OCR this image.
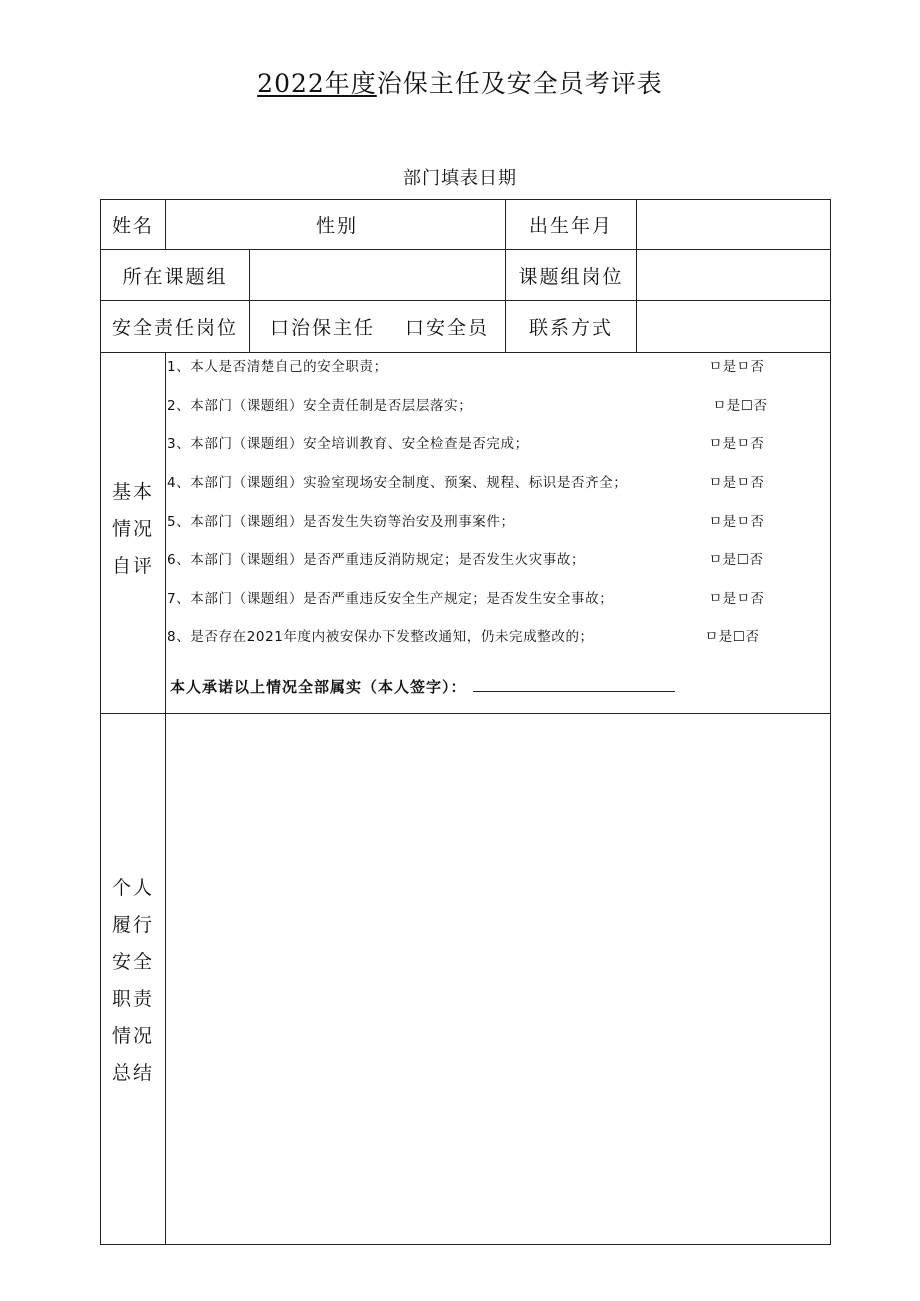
2022年度治保主任及安全员考评表
部门填表日期
姓名	性别	出生年月
所在课题组	课题组岗位
安全责任岗位	口治保主任 口安全员	联系方式
基本
情况
自评
1、本人是否清楚自己的安全职责；	ㅁ是ㅁ否
2、本部门（课题组）安全责任制是否层层落实；	ㅁ是☐否
3、本部门（课题组）安全培训教育、安全检查是否完成；	ㅁ是ㅁ否
4、本部门（课题组）实验室现场安全制度、预案、规程、标识是否齐全；	ㅁ是ㅁ否
5、本部门（课题组）是否发生失窃等治安及刑事案件；	ㅁ是ㅁ否
6、本部门（课题组）是否严重违反消防规定；是否发生火灾事故；	ㅁ是☐否
7、本部门（课题组）是否严重违反安全生产规定；是否发生安全事故；	ㅁ是ㅁ否
8、是否存在2021年度内被安保办下发整改通知，仍未完成整改的；	ㅁ是☐否
本人承诺以上情况全部属实（本人签字）：
个人
履行
安全
职责
情况
总结
